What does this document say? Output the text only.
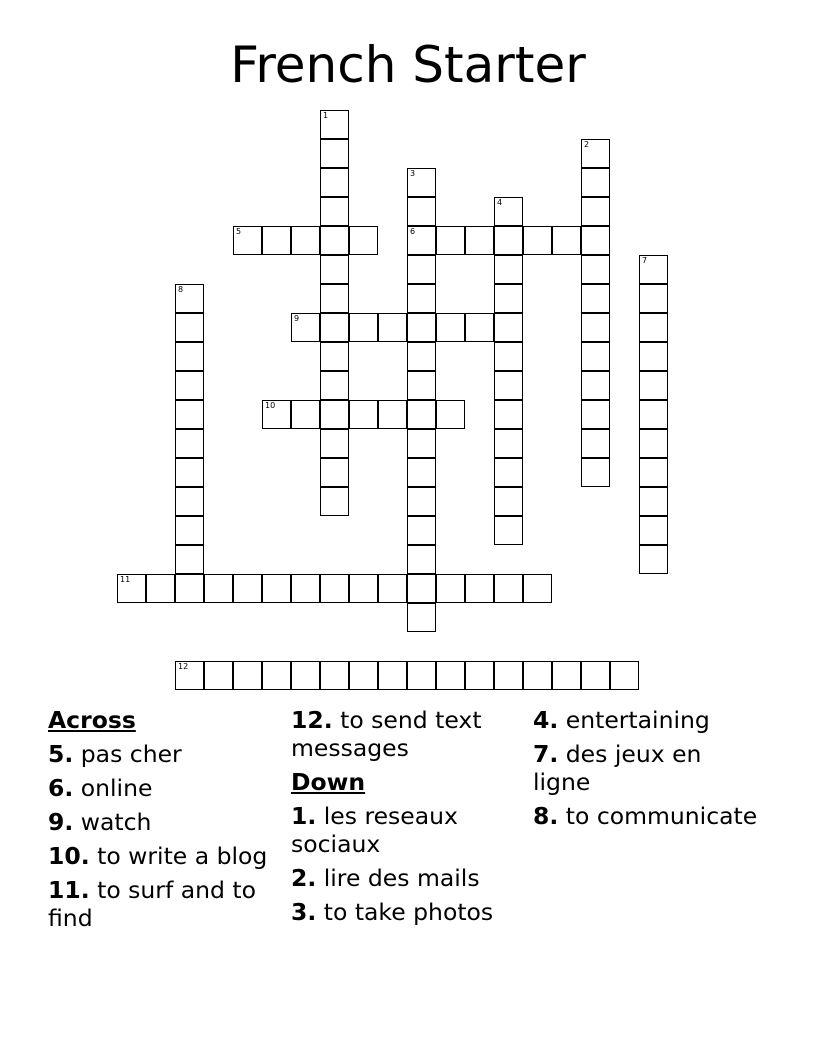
French Starter
1
2
3
6
4
5
7
8
9
10
11
12
Across
5. pas cher
6. online
9. watch
10. to write a blog
11. to surf and to find
12. to send text messages
Down
1. les reseaux sociaux
2. lire des mails
3. to take photos
4. entertaining
7. des jeux en ligne
8. to communicate
